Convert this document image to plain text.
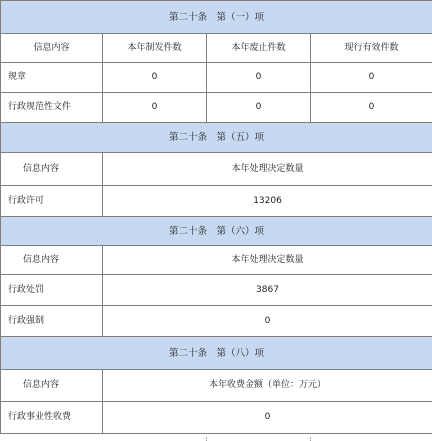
第二十条　第（一）项			
信息内容	本年制发件数	本年废止件数	现行有效件数
规章	0	0	0
行政规范性文件	0	0	0
第二十条　第（五）项			
信息内容	本年处理决定数量		
行政许可	13206		
第二十条　第（六）项			
信息内容	本年处理决定数量		
行政处罚	3867		
行政强制	0		
第二十条　第（八）项			
信息内容	本年收费金额（单位：万元）		
行政事业性收费	0		
